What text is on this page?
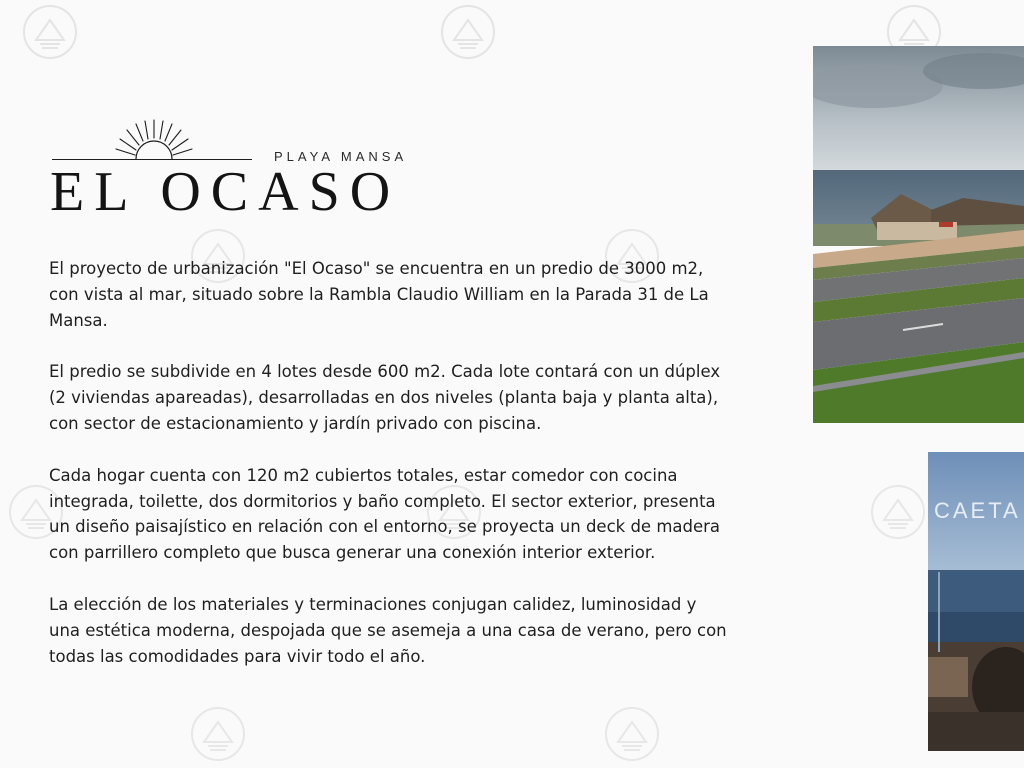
PLAYA MANSA
EL OCASO

El proyecto de urbanización "El Ocaso" se encuentra en un predio de 3000 m2, con vista al mar, situado sobre la Rambla Claudio William en la Parada 31 de La Mansa.

El predio se subdivide en 4 lotes desde 600 m2. Cada lote contará con un dúplex (2 viviendas apareadas), desarrolladas en dos niveles (planta baja y planta alta), con sector de estacionamiento y jardín privado con piscina.

Cada hogar cuenta con 120 m2 cubiertos totales, estar comedor con cocina integrada, toilette, dos dormitorios y baño completo. El sector exterior, presenta un diseño paisajístico en relación con el entorno, se proyecta un deck de madera con parrillero completo que busca generar una conexión interior exterior.

La elección de los materiales y terminaciones conjugan calidez, luminosidad y una estética moderna, despojada que se asemeja a una casa de verano, pero con todas las comodidades para vivir todo el año.

CAETA
